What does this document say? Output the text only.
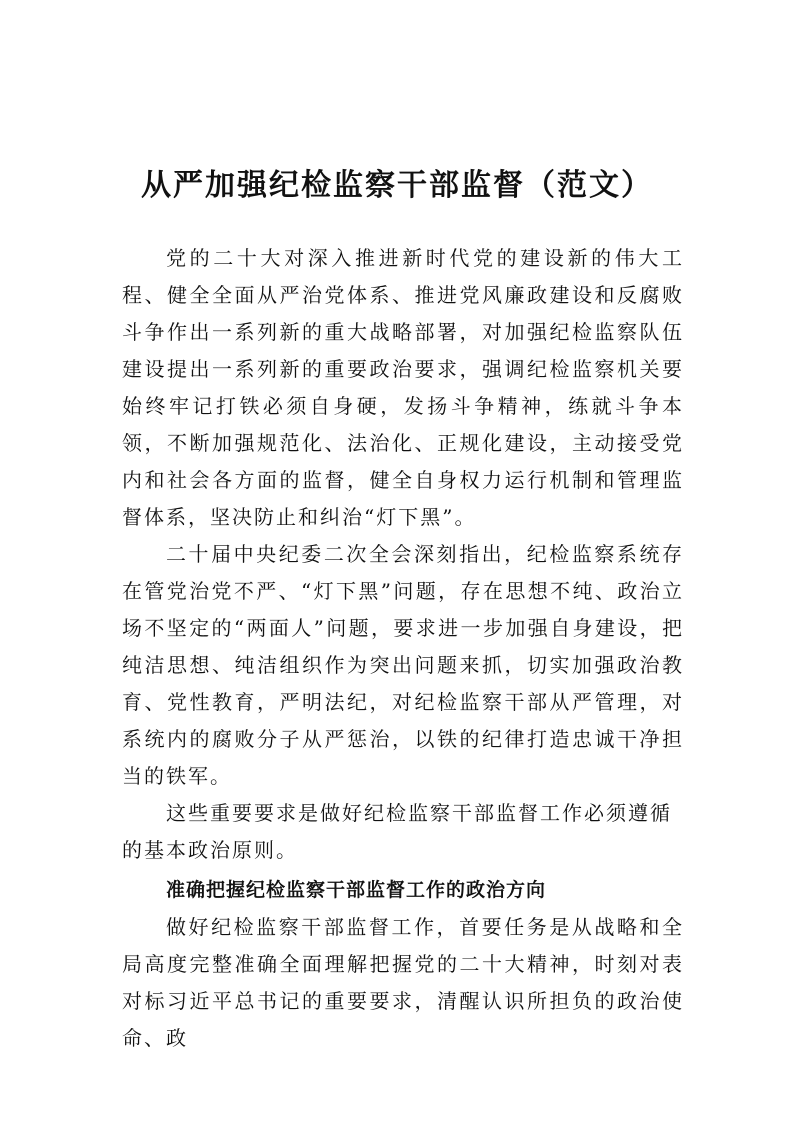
从严加强纪检监察干部监督（范文）

党的二十大对深入推进新时代党的建设新的伟大工程、健全全面从严治党体系、推进党风廉政建设和反腐败斗争作出一系列新的重大战略部署，对加强纪检监察队伍建设提出一系列新的重要政治要求，强调纪检监察机关要始终牢记打铁必须自身硬，发扬斗争精神，练就斗争本领，不断加强规范化、法治化、正规化建设，主动接受党内和社会各方面的监督，健全自身权力运行机制和管理监督体系，坚决防止和纠治“灯下黑”。

二十届中央纪委二次全会深刻指出，纪检监察系统存在管党治党不严、“灯下黑”问题，存在思想不纯、政治立场不坚定的“两面人”问题，要求进一步加强自身建设，把纯洁思想、纯洁组织作为突出问题来抓，切实加强政治教育、党性教育，严明法纪，对纪检监察干部从严管理，对系统内的腐败分子从严惩治，以铁的纪律打造忠诚干净担当的铁军。

这些重要要求是做好纪检监察干部监督工作必须遵循的基本政治原则。

准确把握纪检监察干部监督工作的政治方向

做好纪检监察干部监督工作，首要任务是从战略和全局高度完整准确全面理解把握党的二十大精神，时刻对表对标习近平总书记的重要要求，清醒认识所担负的政治使命、政
